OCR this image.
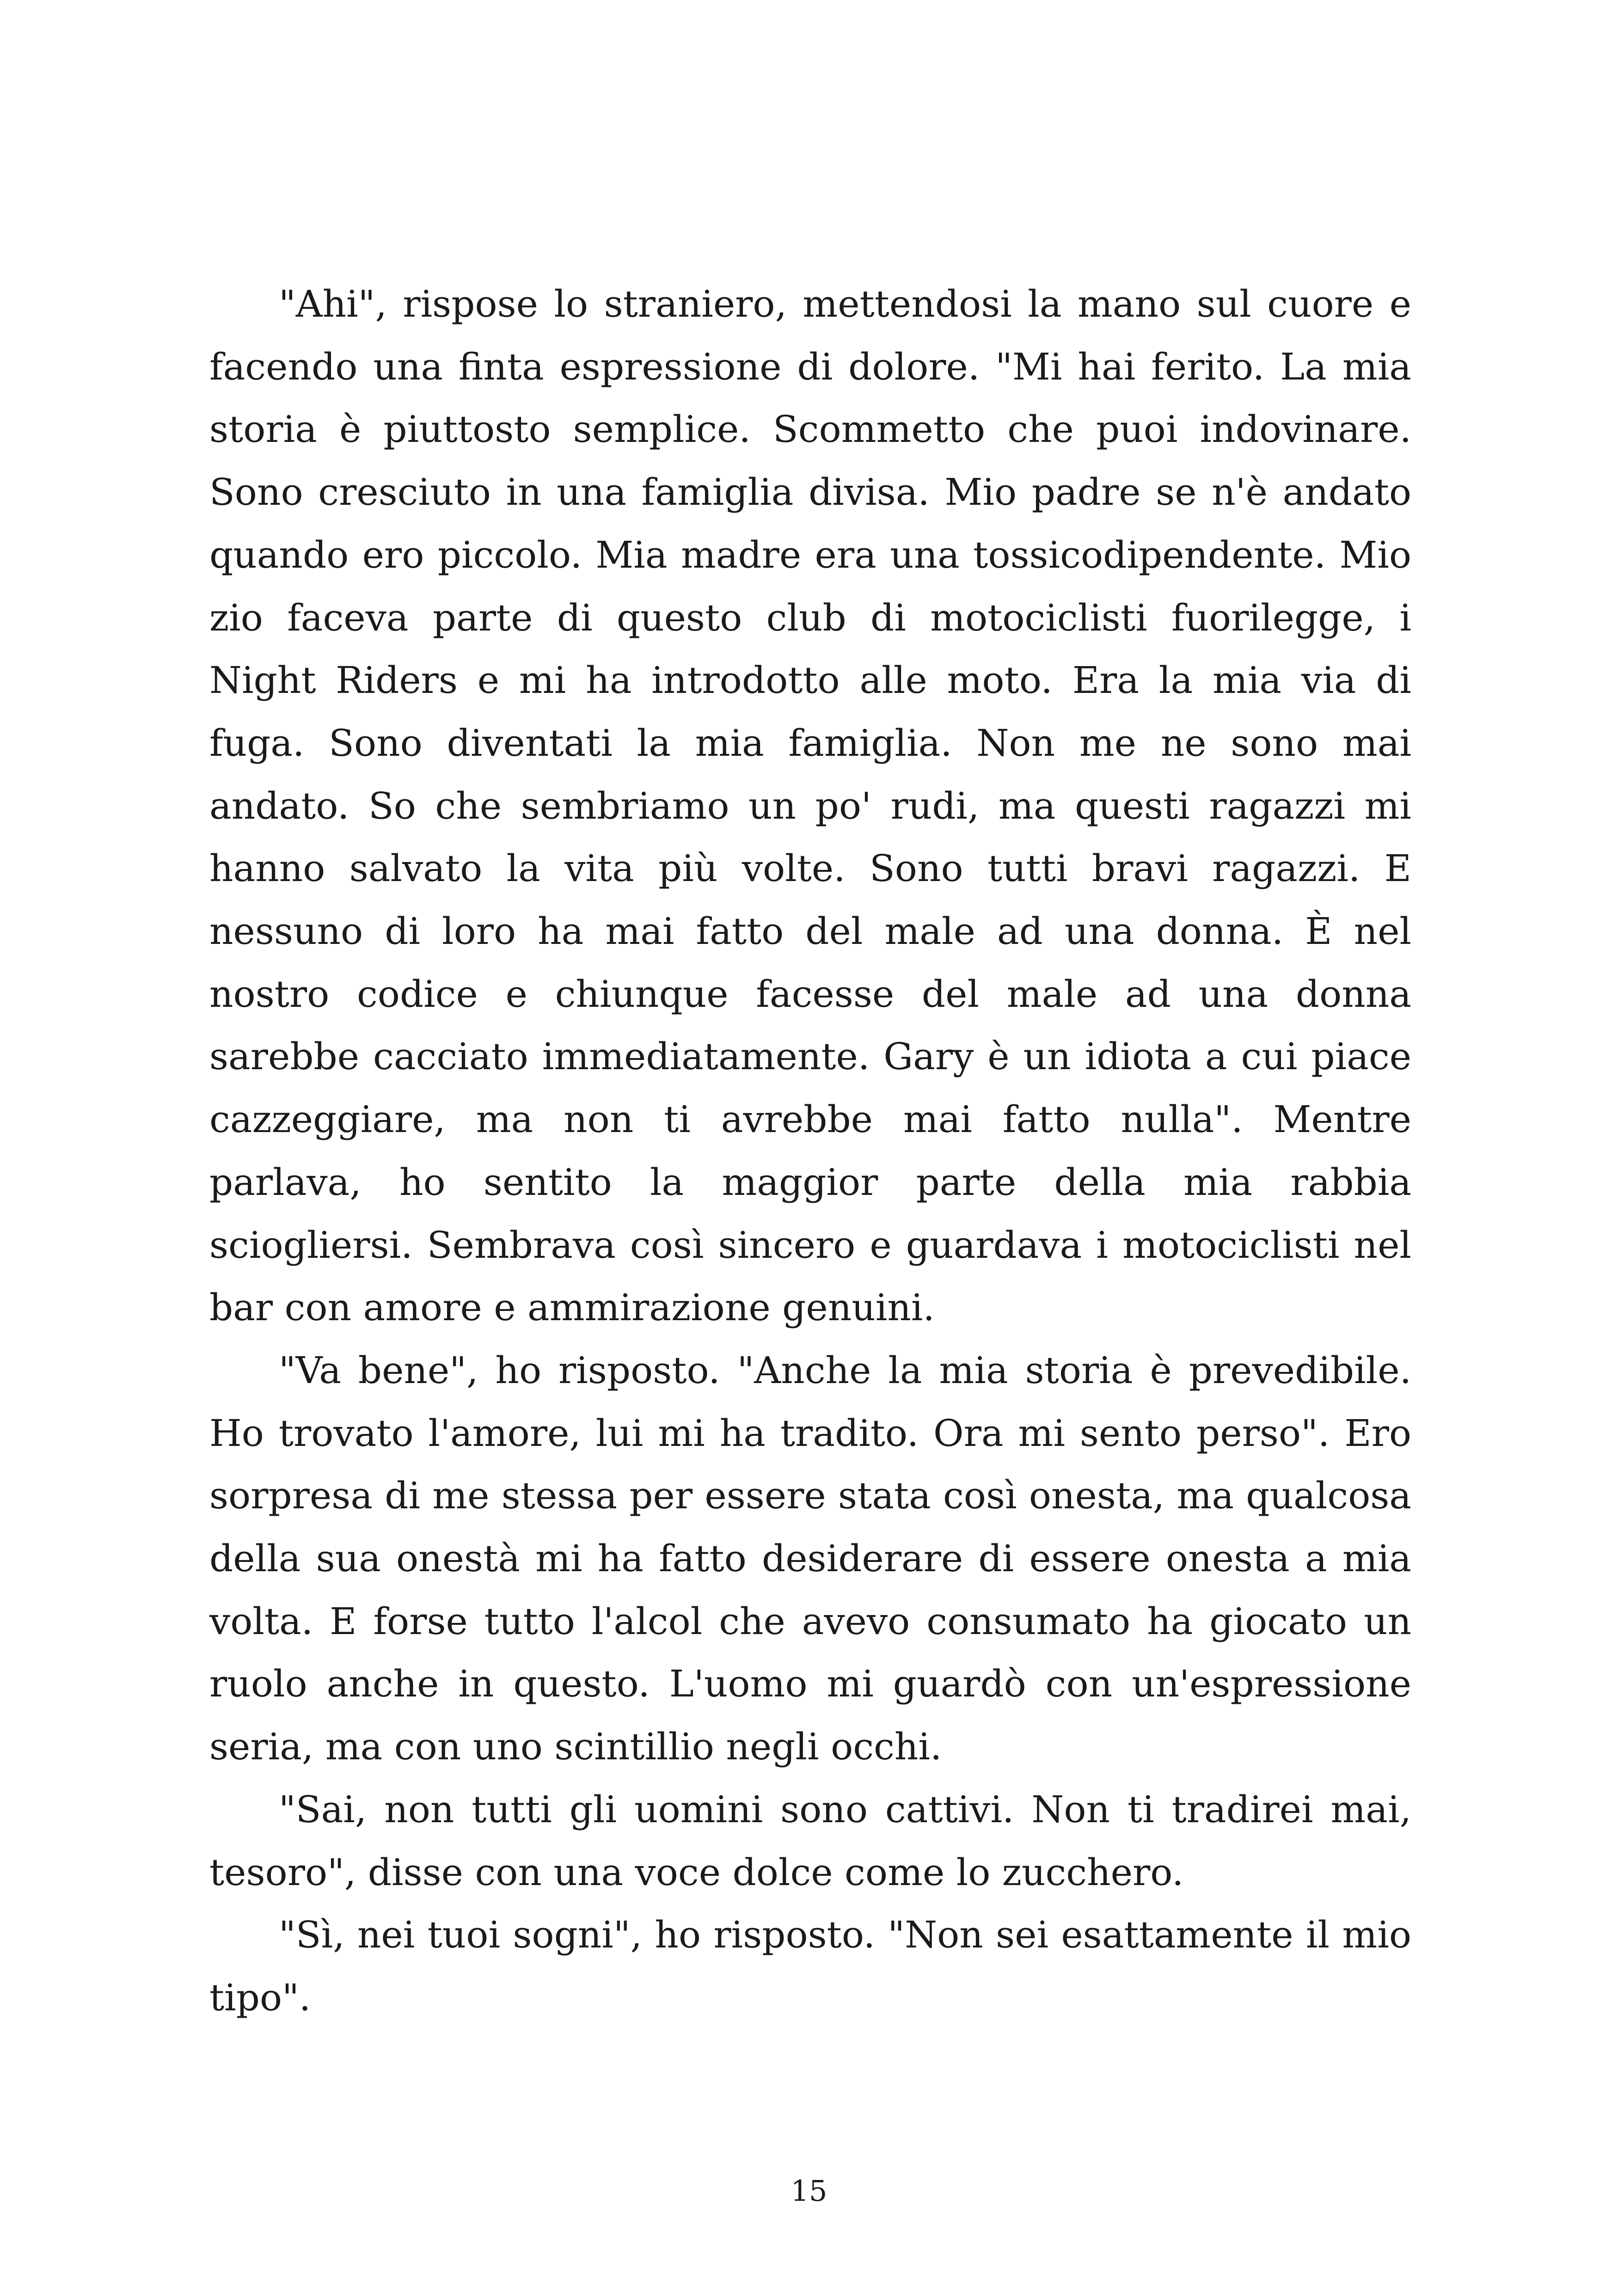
"Ahi", rispose lo straniero, mettendosi la mano sul cuore e facendo una finta espressione di dolore. "Mi hai ferito. La mia storia è piuttosto semplice. Scommetto che puoi indovinare. Sono cresciuto in una famiglia divisa. Mio padre se n'è andato quando ero piccolo. Mia madre era una tossicodipendente. Mio zio faceva parte di questo club di motociclisti fuorilegge, i Night Riders e mi ha introdotto alle moto. Era la mia via di fuga. Sono diventati la mia famiglia. Non me ne sono mai andato. So che sembriamo un po' rudi, ma questi ragazzi mi hanno salvato la vita più volte. Sono tutti bravi ragazzi. E nessuno di loro ha mai fatto del male ad una donna. È nel nostro codice e chiunque facesse del male ad una donna sarebbe cacciato immediatamente. Gary è un idiota a cui piace cazzeggiare, ma non ti avrebbe mai fatto nulla". Mentre parlava, ho sentito la maggior parte della mia rabbia sciogliersi. Sembrava così sincero e guardava i motociclisti nel bar con amore e ammirazione genuini.

"Va bene", ho risposto. "Anche la mia storia è prevedibile. Ho trovato l'amore, lui mi ha tradito. Ora mi sento perso". Ero sorpresa di me stessa per essere stata così onesta, ma qualcosa della sua onestà mi ha fatto desiderare di essere onesta a mia volta. E forse tutto l'alcol che avevo consumato ha giocato un ruolo anche in questo. L'uomo mi guardò con un'espressione seria, ma con uno scintillio negli occhi.

"Sai, non tutti gli uomini sono cattivi. Non ti tradirei mai, tesoro", disse con una voce dolce come lo zucchero.

"Sì, nei tuoi sogni", ho risposto. "Non sei esattamente il mio tipo".

15
